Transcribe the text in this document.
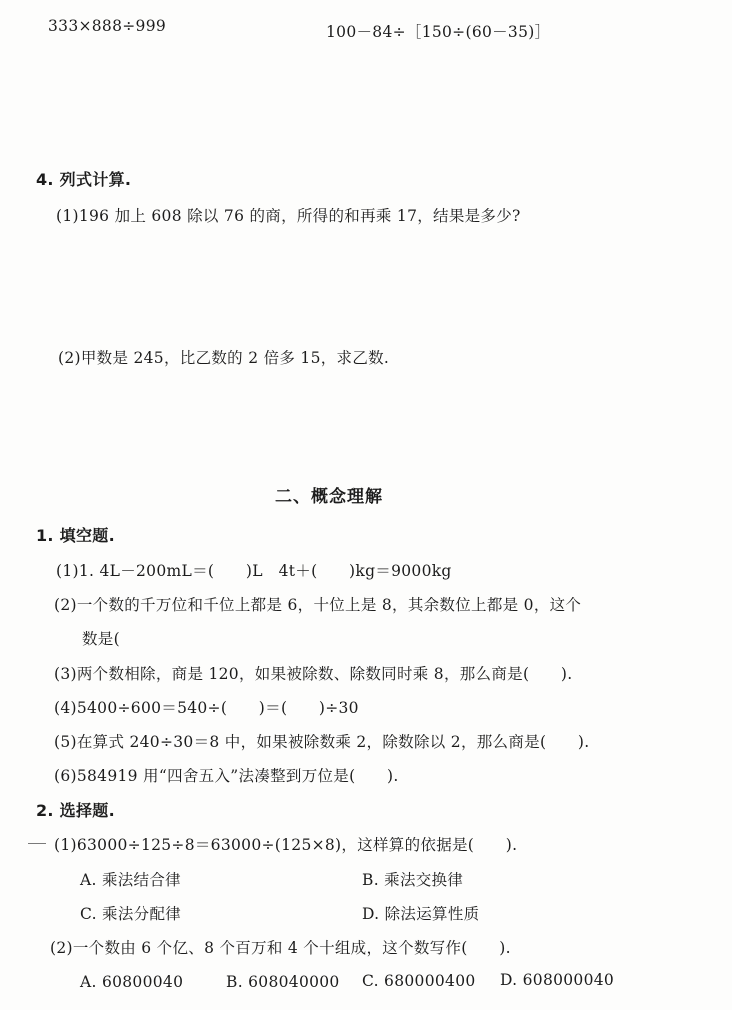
333×888÷999	100－84÷［150÷(60－35)］
4. 列式计算.
(1)196 加上 608 除以 76 的商，所得的和再乘 17，结果是多少?
(2)甲数是 245，比乙数的 2 倍多 15，求乙数.
二、概念理解
1. 填空题.
(1)1. 4L－200mL＝(　　)L　4t＋(　　)kg＝9000kg
(2)一个数的千万位和千位上都是 6，十位上是 8，其余数位上都是 0，这个
数是(
(3)两个数相除，商是 120，如果被除数、除数同时乘 8，那么商是(　　).
(4)5400÷600＝540÷(　　)＝(　　)÷30
(5)在算式 240÷30＝8 中，如果被除数乘 2，除数除以 2，那么商是(　　).
(6)584919 用“四舍五入”法凑整到万位是(　　).
2. 选择题.
(1)63000÷125÷8＝63000÷(125×8)，这样算的依据是(　　).
A. 乘法结合律	B. 乘法交换律
C. 乘法分配律	D. 除法运算性质
(2)一个数由 6 个亿、8 个百万和 4 个十组成，这个数写作(　　).
A. 60800040	B. 608040000 C. 680000400 D. 608000040
